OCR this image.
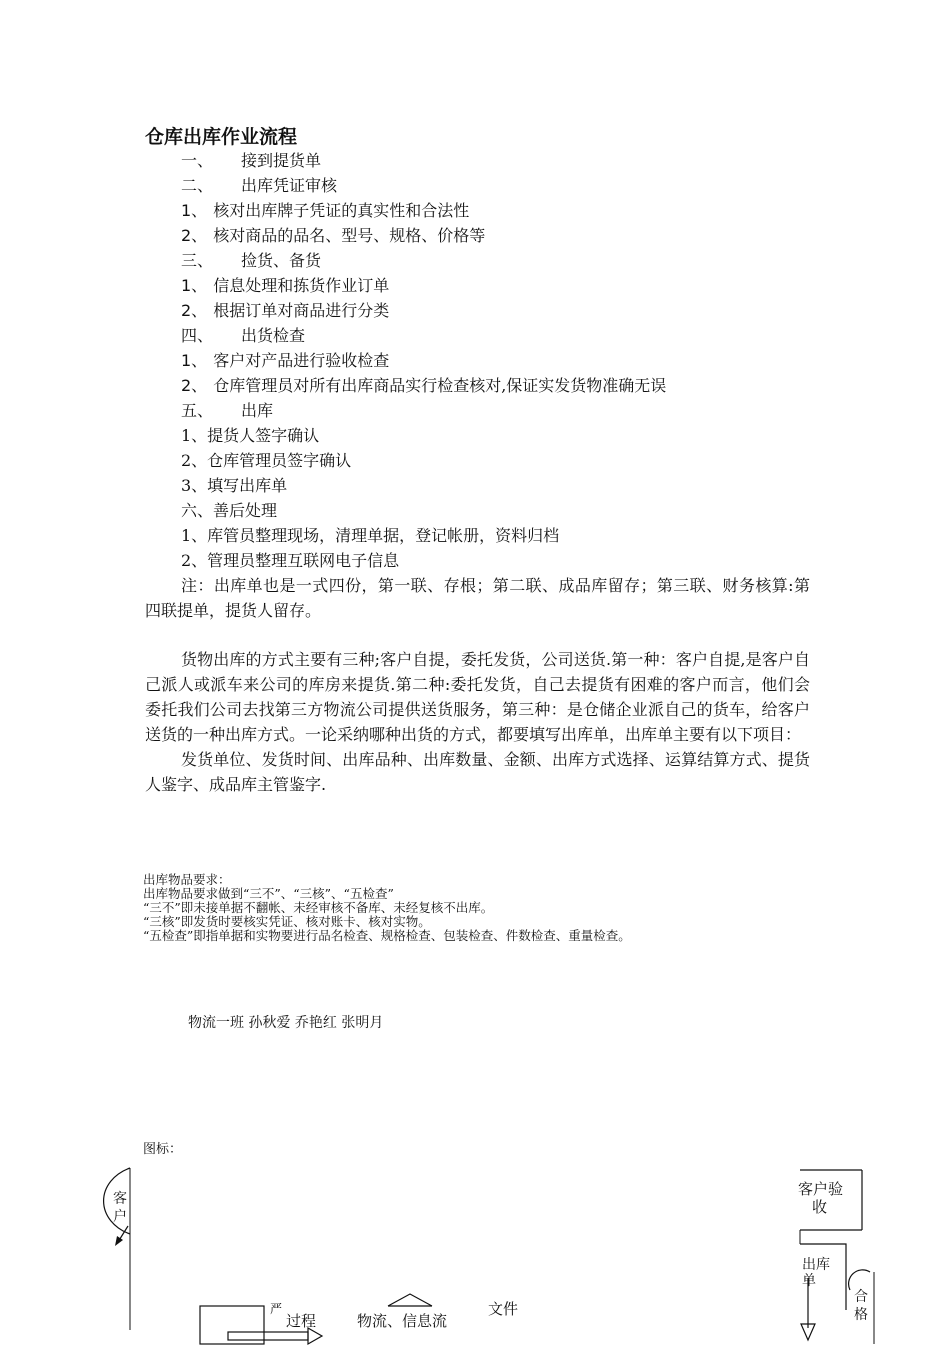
仓库出库作业流程
一、 接到提货单
二、 出库凭证审核
1、 核对出库牌子凭证的真实性和合法性
2、 核对商品的品名、型号、规格、价格等
三、 捡货、备货
1、 信息处理和拣货作业订单
2、 根据订单对商品进行分类
四、 出货检查
1、 客户对产品进行验收检查
2、 仓库管理员对所有出库商品实行检查核对,保证实发货物准确无误
五、 出库
1、提货人签字确认
2、仓库管理员签字确认
3、填写出库单
六、善后处理
1、库管员整理现场，清理单据，登记帐册，资料归档
2、管理员整理互联网电子信息

注：出库单也是一式四份，第一联、存根；第二联、成品库留存；第三联、财务核算:第四联提单，提货人留存。

货物出库的方式主要有三种;客户自提，委托发货，公司送货.第一种：客户自提,是客户自己派人或派车来公司的库房来提货.第二种:委托发货，自己去提货有困难的客户而言，他们会委托我们公司去找第三方物流公司提供送货服务，第三种：是仓储企业派自己的货车，给客户送货的一种出库方式。一论采纳哪种出货的方式，都要填写出库单，出库单主要有以下项目：

发货单位、发货时间、出库品种、出库数量、金额、出库方式选择、运算结算方式、提货人鉴字、成品库主管鉴字.

出库物品要求：
出库物品要求做到“三不”、“三核”、“五检查”
“三不”即未接单据不翻帐、未经审核不备库、未经复核不出库。
“三核”即发货时要核实凭证、核对账卡、核对实物。
“五检查”即指单据和实物要进行品名检查、规格检查、包装检查、件数检查、重量检查。
物流一班 孙秋爱 乔艳红 张明月
图标：
客
户
客户验
收
出库
单
合
格
严
过程	物流、信息流
文件
